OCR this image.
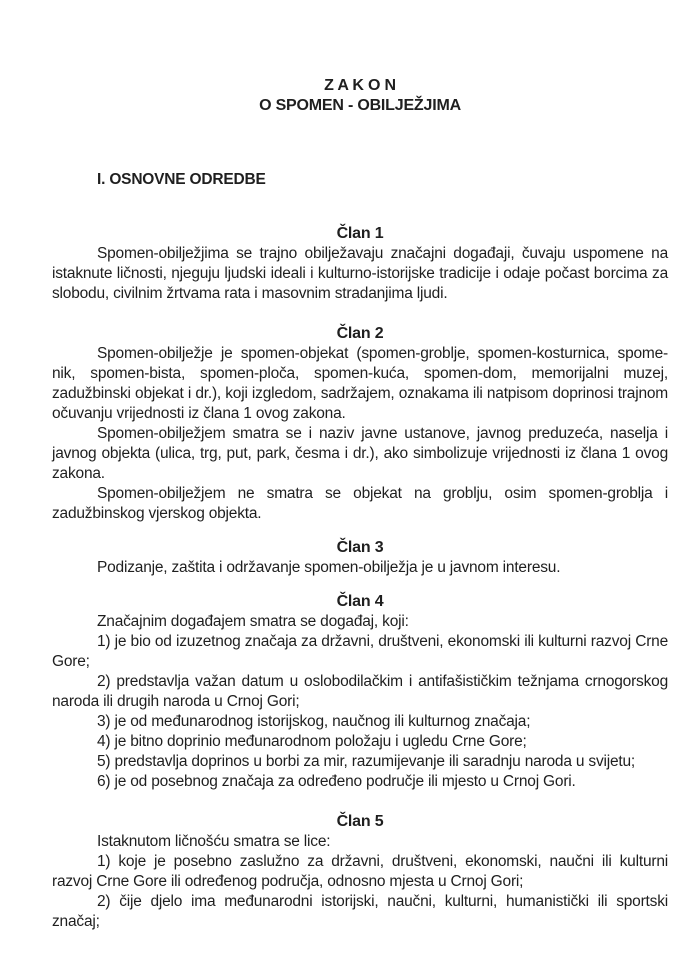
Z A K O N
O SPOMEN - OBILJEŽJIMA
I. OSNOVNE ODREDBE
Član 1

Spomen-obilježjima se trajno obilježavaju značajni događaji, čuvaju uspomene na istaknute ličnosti, njeguju ljudski ideali i kulturno-istorijske tradicije i odaje počast borcima za slobodu, civilnim žrtvama rata i masovnim stradanjima ljudi.

Član 2

Spomen-obilježje je spomen-objekat (spomen-groblje, spomen-kosturnica, spome-nik, spomen-bista, spomen-ploča, spomen-kuća, spomen-dom, memorijalni muzej, zadužbinski objekat i dr.), koji izgledom, sadržajem, oznakama ili natpisom doprinosi trajnom očuvanju vrijednosti iz člana 1 ovog zakona.

Spomen-obilježjem smatra se i naziv javne ustanove, javnog preduzeća, naselja i javnog objekta (ulica, trg, put, park, česma i dr.), ako simbolizuje vrijednosti iz člana 1 ovog zakona.

Spomen-obilježjem ne smatra se objekat na groblju, osim spomen-groblja i zadužbinskog vjerskog objekta.

Član 3

Podizanje, zaštita i održavanje spomen-obilježja je u javnom interesu.

Član 4

Značajnim događajem smatra se događaj, koji:

1) je bio od izuzetnog značaja za državni, društveni, ekonomski ili kulturni razvoj Crne Gore;

2) predstavlja važan datum u oslobodilačkim i antifašističkim težnjama crnogorskog naroda ili drugih naroda u Crnoj Gori;

3) je od međunarodnog istorijskog, naučnog ili kulturnog značaja;

4) je bitno doprinio međunarodnom položaju i ugledu Crne Gore;

5) predstavlja doprinos u borbi za mir, razumijevanje ili saradnju naroda u svijetu;

6) je od posebnog značaja za određeno područje ili mjesto u Crnoj Gori.

Član 5

Istaknutom ličnošću smatra se lice:

1) koje je posebno zaslužno za državni, društveni, ekonomski, naučni ili kulturni razvoj Crne Gore ili određenog područja, odnosno mjesta u Crnoj Gori;

2) čije djelo ima međunarodni istorijski, naučni, kulturni, humanistički ili sportski značaj;
